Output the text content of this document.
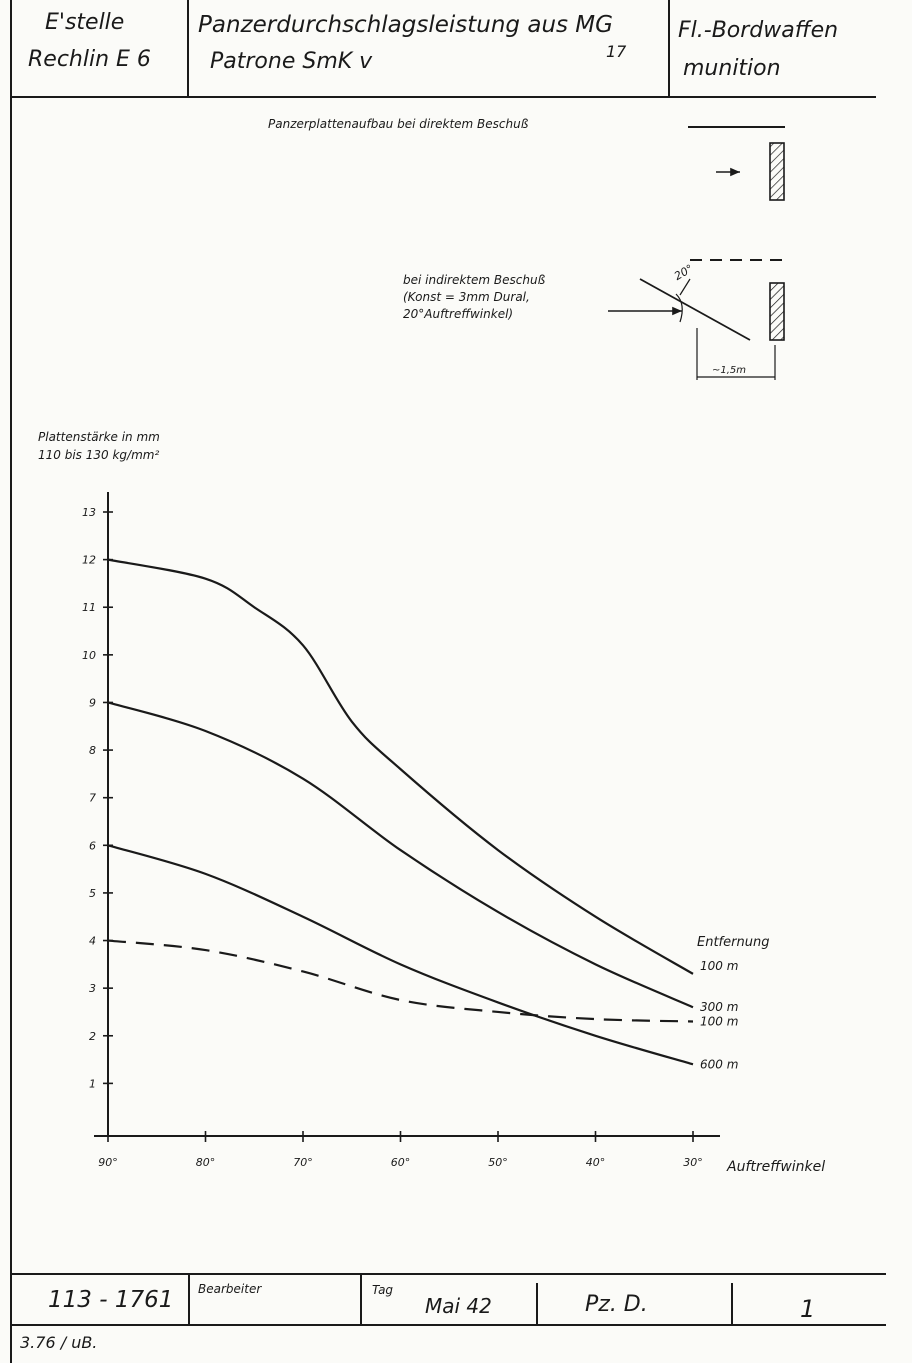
E'stelle
Rechlin E 6
Panzerdurchschlagsleistung aus MG
17
Patrone SmK v
Fl.-Bordwaffen
munition
Panzerplattenaufbau bei direktem Beschuß
bei indirektem Beschuß
(Konst = 3mm Dural,
20°Auftreffwinkel)
20°
~1,5m
Plattenstärke in mm
110 bis 130 kg/mm²
Auftreffwinkel
Entfernung
1
2
3
4
5
6
7
8
9
10
11
12
13
90°	80°	70°	60°	50°	40°	30°
100 m
300 m
100 m
600 m
113 - 1761 Bearbeiter	Tag
Mai 42	Pz. D.	1
3.76 / uB.
